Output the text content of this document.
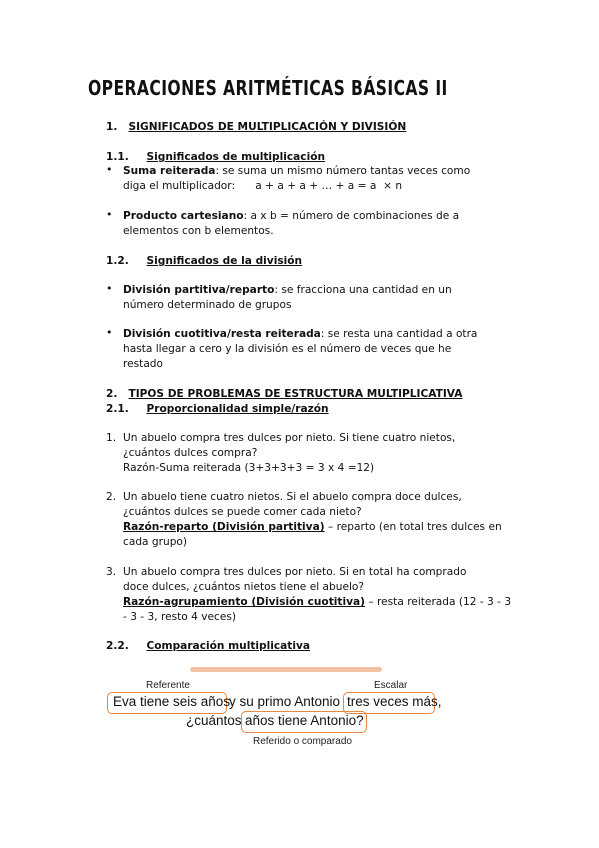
OPERACIONES ARITMÉTICAS BÁSICAS II
1. SIGNIFICADOS DE MULTIPLICACIÓN Y DIVISIÓN
1.1. Significados de multiplicación
• Suma reiterada: se suma un mismo número tantas veces como
diga el multiplicador:      a + a + a + … + a = a  × n
• Producto cartesiano: a x b = número de combinaciones de a
elementos con b elementos.
1.2. Significados de la división
• División partitiva/reparto: se fracciona una cantidad en un
número determinado de grupos
• División cuotitiva/resta reiterada: se resta una cantidad a otra
hasta llegar a cero y la división es el número de veces que he
restado
2. TIPOS DE PROBLEMAS DE ESTRUCTURA MULTIPLICATIVA
2.1. Proporcionalidad simple/razón
1. Un abuelo compra tres dulces por nieto. Si tiene cuatro nietos,
¿cuántos dulces compra?
Razón-Suma reiterada (3+3+3+3 = 3 x 4 =12)
2. Un abuelo tiene cuatro nietos. Si el abuelo compra doce dulces,
¿cuántos dulces se puede comer cada nieto?
Razón-reparto (División partitiva) – reparto (en total tres dulces en
cada grupo)
3. Un abuelo compra tres dulces por nieto. Si en total ha comprado
doce dulces, ¿cuántos nietos tiene el abuelo?
Razón-agrupamiento (División cuotitiva) – resta reiterada (12 - 3 - 3
- 3 - 3, resto 4 veces)
2.2. Comparación multiplicativa
Referente	Escalar
Eva tiene seis años
y su primo Antonio tres veces más,
¿cuántos años tiene Antonio?
Referido o comparado
